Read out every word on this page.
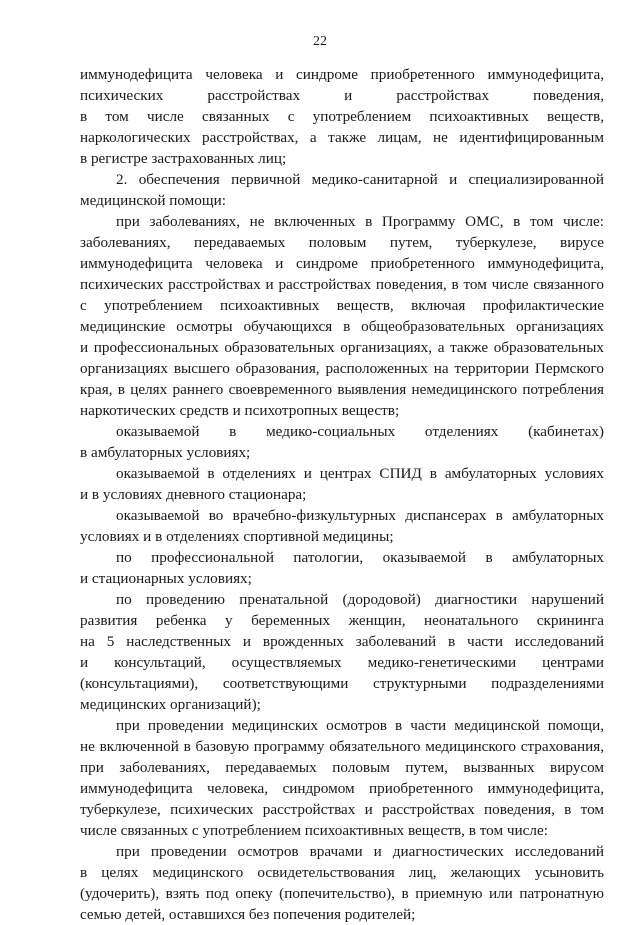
22
иммунодефицита человека и синдроме приобретенного иммунодефицита,
психических расстройствах и расстройствах поведения,
в том числе связанных с употреблением психоактивных веществ,
наркологических расстройствах, а также лицам, не идентифицированным
в регистре застрахованных лиц;
2. обеспечения первичной медико-санитарной и специализированной
медицинской помощи:
при заболеваниях, не включенных в Программу ОМС, в том числе:
заболеваниях, передаваемых половым путем, туберкулезе, вирусе
иммунодефицита человека и синдроме приобретенного иммунодефицита,
психических расстройствах и расстройствах поведения, в том числе связанного
с употреблением психоактивных веществ, включая профилактические
медицинские осмотры обучающихся в общеобразовательных организациях
и профессиональных образовательных организациях, а также образовательных
организациях высшего образования, расположенных на территории Пермского
края, в целях раннего своевременного выявления немедицинского потребления
наркотических средств и психотропных веществ;
оказываемой в медико-социальных отделениях (кабинетах)
в амбулаторных условиях;
оказываемой в отделениях и центрах СПИД в амбулаторных условиях
и в условиях дневного стационара;
оказываемой во врачебно-физкультурных диспансерах в амбулаторных
условиях и в отделениях спортивной медицины;
по профессиональной патологии, оказываемой в амбулаторных
и стационарных условиях;
по проведению пренатальной (дородовой) диагностики нарушений
развития ребенка у беременных женщин, неонатального скрининга
на 5 наследственных и врожденных заболеваний в части исследований
и консультаций, осуществляемых медико-генетическими центрами
(консультациями), соответствующими структурными подразделениями
медицинских организаций);
при проведении медицинских осмотров в части медицинской помощи,
не включенной в базовую программу обязательного медицинского страхования,
при заболеваниях, передаваемых половым путем, вызванных вирусом
иммунодефицита человека, синдромом приобретенного иммунодефицита,
туберкулезе, психических расстройствах и расстройствах поведения, в том
числе связанных с употреблением психоактивных веществ, в том числе:
при проведении осмотров врачами и диагностических исследований
в целях медицинского освидетельствования лиц, желающих усыновить
(удочерить), взять под опеку (попечительство), в приемную или патронатную
семью детей, оставшихся без попечения родителей;
